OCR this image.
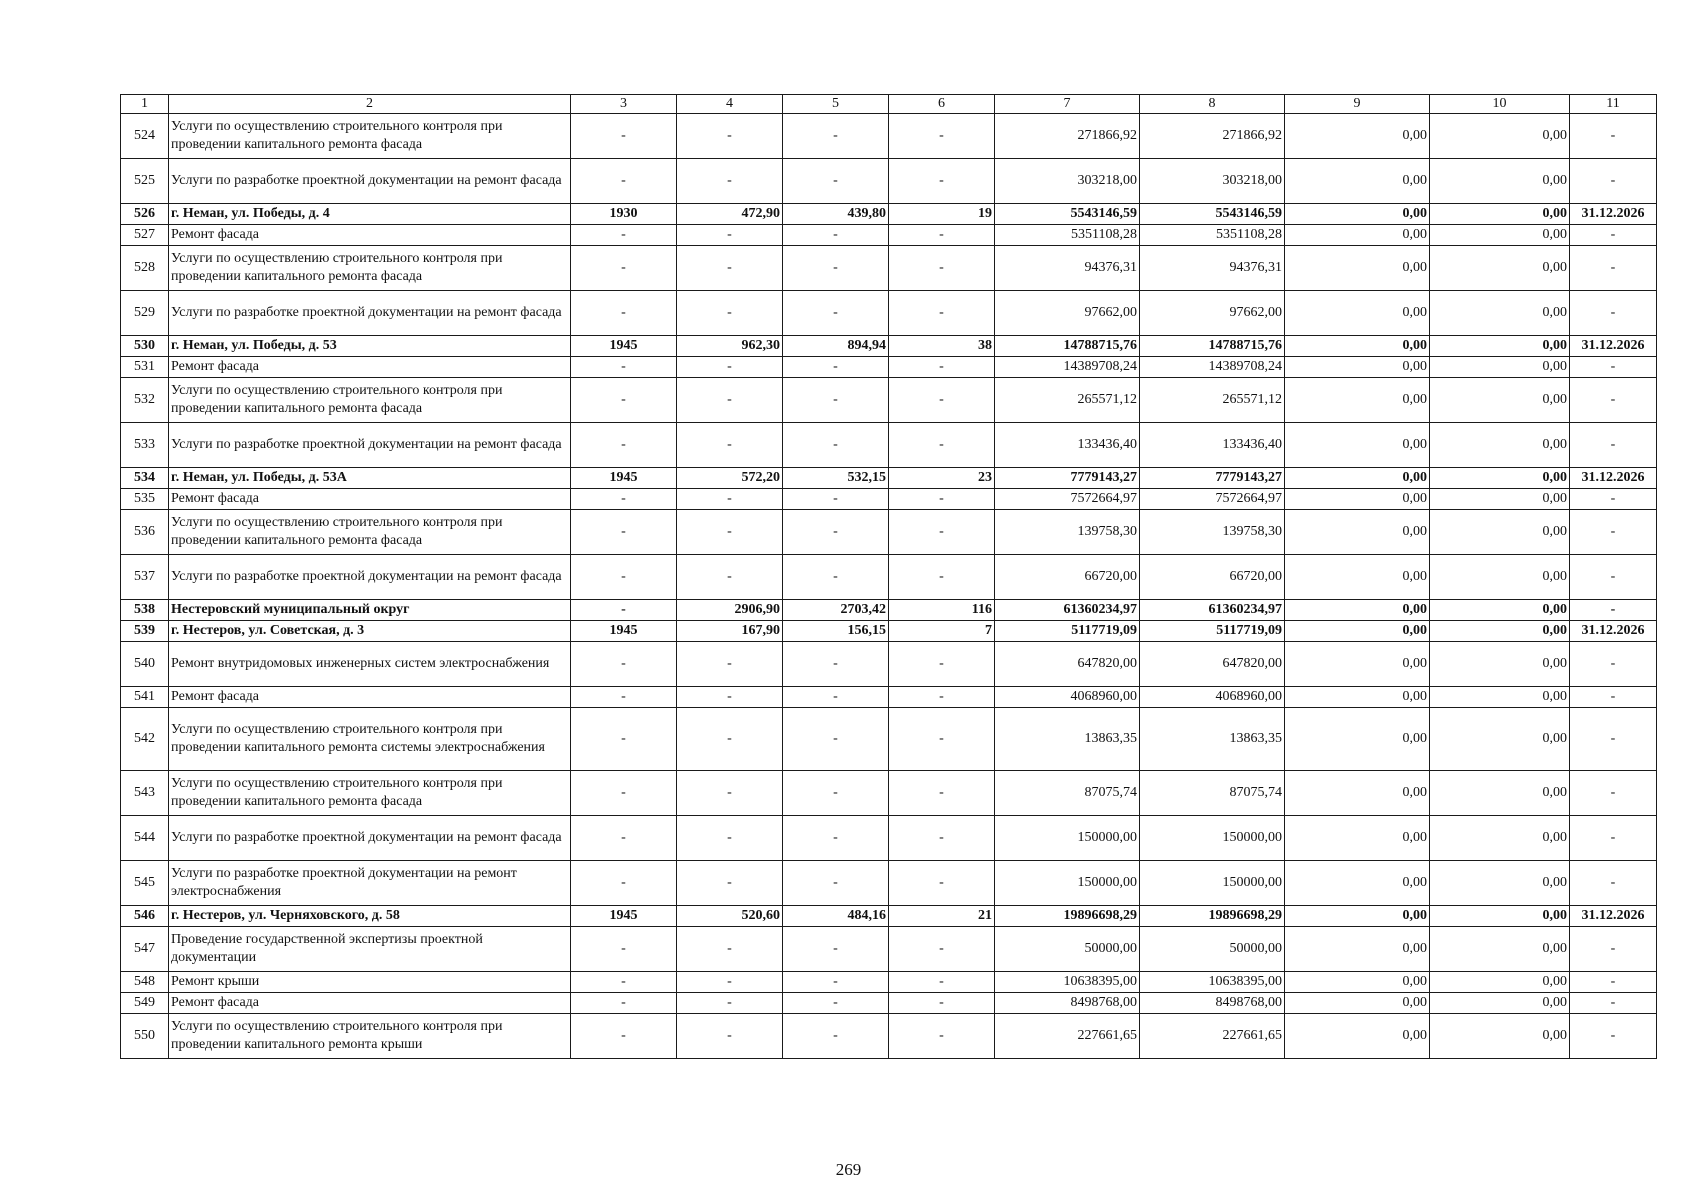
1	2	3	4	5	6	7	8	9	10	11
524	Услуги по осуществлению строительного контроля при проведении капитального ремонта фасада	-	-	-	-	271866,92	271866,92	0,00	0,00	-
525	Услуги по разработке проектной документации на ремонт фасада	-	-	-	-	303218,00	303218,00	0,00	0,00	-
526	г. Неман, ул. Победы, д. 4	1930	472,90	439,80	19	5543146,59	5543146,59	0,00	0,00	31.12.2026
527	Ремонт фасада	-	-	-	-	5351108,28	5351108,28	0,00	0,00	-
528	Услуги по осуществлению строительного контроля при проведении капитального ремонта фасада	-	-	-	-	94376,31	94376,31	0,00	0,00	-
529	Услуги по разработке проектной документации на ремонт фасада	-	-	-	-	97662,00	97662,00	0,00	0,00	-
530	г. Неман, ул. Победы, д. 53	1945	962,30	894,94	38	14788715,76	14788715,76	0,00	0,00	31.12.2026
531	Ремонт фасада	-	-	-	-	14389708,24	14389708,24	0,00	0,00	-
532	Услуги по осуществлению строительного контроля при проведении капитального ремонта фасада	-	-	-	-	265571,12	265571,12	0,00	0,00	-
533	Услуги по разработке проектной документации на ремонт фасада	-	-	-	-	133436,40	133436,40	0,00	0,00	-
534	г. Неман, ул. Победы, д. 53А	1945	572,20	532,15	23	7779143,27	7779143,27	0,00	0,00	31.12.2026
535	Ремонт фасада	-	-	-	-	7572664,97	7572664,97	0,00	0,00	-
536	Услуги по осуществлению строительного контроля при проведении капитального ремонта фасада	-	-	-	-	139758,30	139758,30	0,00	0,00	-
537	Услуги по разработке проектной документации на ремонт фасада	-	-	-	-	66720,00	66720,00	0,00	0,00	-
538	Нестеровский муниципальный округ	-	2906,90	2703,42	116	61360234,97	61360234,97	0,00	0,00	-
539	г. Нестеров, ул. Советская, д. 3	1945	167,90	156,15	7	5117719,09	5117719,09	0,00	0,00	31.12.2026
540	Ремонт внутридомовых инженерных систем электроснабжения	-	-	-	-	647820,00	647820,00	0,00	0,00	-
541	Ремонт фасада	-	-	-	-	4068960,00	4068960,00	0,00	0,00	-
542	Услуги по осуществлению строительного контроля при проведении капитального ремонта системы электроснабжения	-	-	-	-	13863,35	13863,35	0,00	0,00	-
543	Услуги по осуществлению строительного контроля при проведении капитального ремонта фасада	-	-	-	-	87075,74	87075,74	0,00	0,00	-
544	Услуги по разработке проектной документации на ремонт фасада	-	-	-	-	150000,00	150000,00	0,00	0,00	-
545	Услуги по разработке проектной документации на ремонт электроснабжения	-	-	-	-	150000,00	150000,00	0,00	0,00	-
546	г. Нестеров, ул. Черняховского, д. 58	1945	520,60	484,16	21	19896698,29	19896698,29	0,00	0,00	31.12.2026
547	Проведение государственной экспертизы проектной документации	-	-	-	-	50000,00	50000,00	0,00	0,00	-
548	Ремонт крыши	-	-	-	-	10638395,00	10638395,00	0,00	0,00	-
549	Ремонт фасада	-	-	-	-	8498768,00	8498768,00	0,00	0,00	-
550	Услуги по осуществлению строительного контроля при проведении капитального ремонта крыши	-	-	-	-	227661,65	227661,65	0,00	0,00	-
269
